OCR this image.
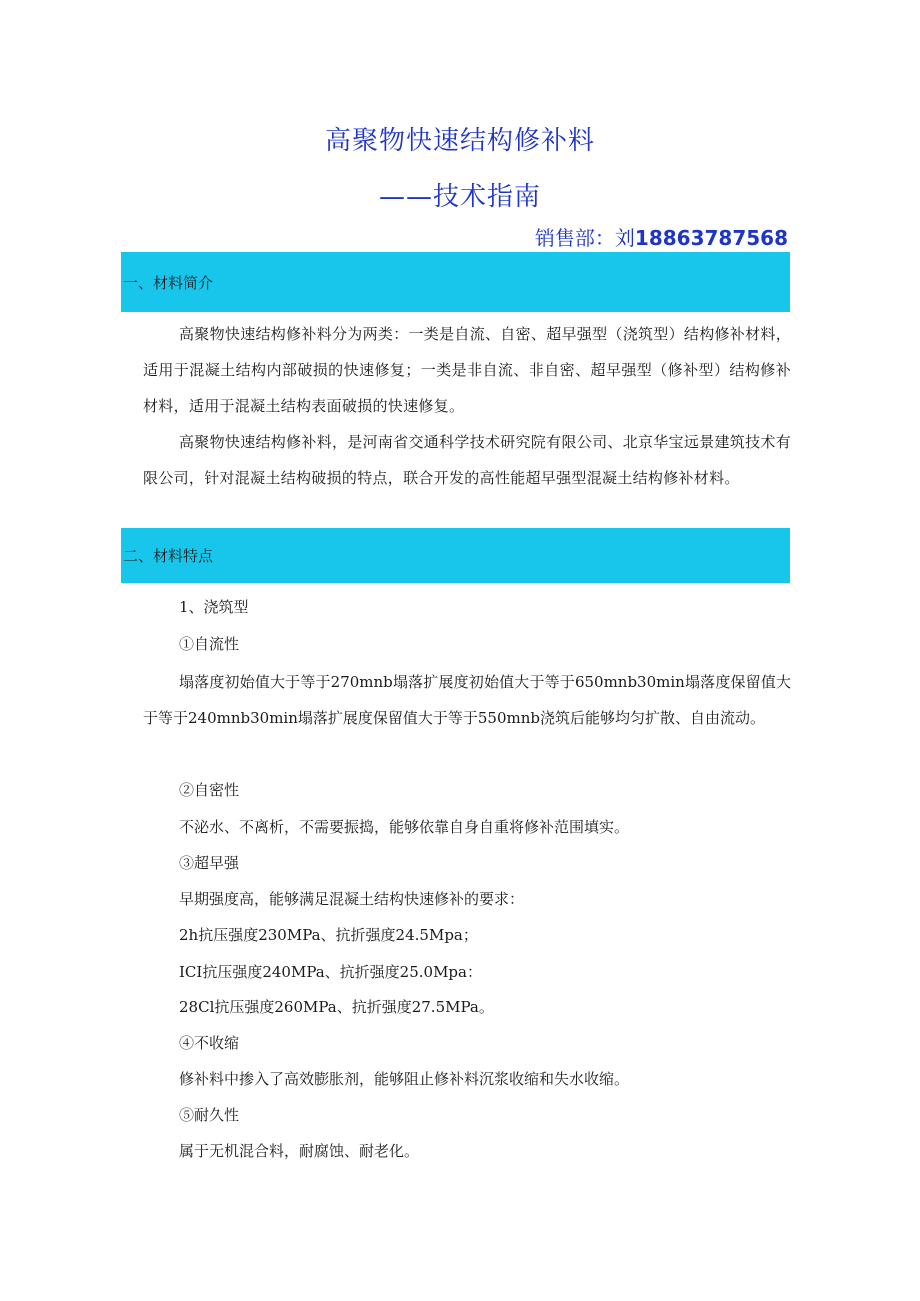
高聚物快速结构修补料
——技术指南
销售部：刘18863787568
一、材料简介

高聚物快速结构修补料分为两类：一类是自流、自密、超早强型（浇筑型）结构修补材料，适用于混凝土结构内部破损的快速修复；一类是非自流、非自密、超早强型（修补型）结构修补材料，适用于混凝土结构表面破损的快速修复。

高聚物快速结构修补料，是河南省交通科学技术研究院有限公司、北京华宝远景建筑技术有限公司，针对混凝土结构破损的特点，联合开发的高性能超早强型混凝土结构修补材料。

二、材料特点

1、浇筑型

①自流性

塌落度初始值大于等于270mnb塌落扩展度初始值大于等于650mnb30min塌落度保留值大于等于240mnb30min塌落扩展度保留值大于等于550mnb浇筑后能够均匀扩散、自由流动。

②自密性

不泌水、不离析，不需要振捣，能够依靠自身自重将修补范围填实。

③超早强

早期强度高，能够满足混凝土结构快速修补的要求：

2h抗压强度230MPa、抗折强度24.5Mpa；

ICI抗压强度240MPa、抗折强度25.0Mpa：

28Cl抗压强度260MPa、抗折强度27.5MPa。

④不收缩

修补料中掺入了高效膨胀剂，能够阻止修补料沉浆收缩和失水收缩。

⑤耐久性

属于无机混合料，耐腐蚀、耐老化。
